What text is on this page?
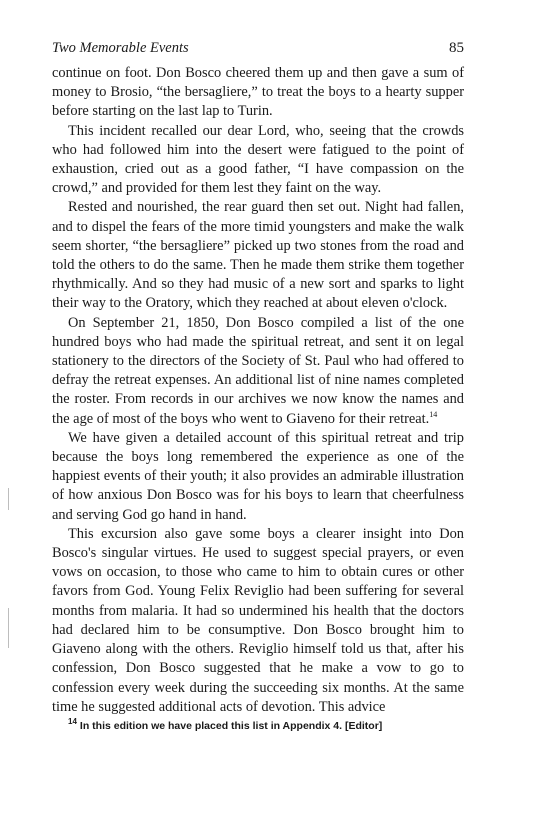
Two Memorable Events	85

continue on foot. Don Bosco cheered them up and then gave a sum of money to Brosio, “the bersagliere,” to treat the boys to a hearty supper before starting on the last lap to Turin.

This incident recalled our dear Lord, who, seeing that the crowds who had followed him into the desert were fatigued to the point of exhaustion, cried out as a good father, “I have compassion on the crowd,” and provided for them lest they faint on the way.

Rested and nourished, the rear guard then set out. Night had fallen, and to dispel the fears of the more timid youngsters and make the walk seem shorter, “the bersagliere” picked up two stones from the road and told the others to do the same. Then he made them strike them together rhythmically. And so they had music of a new sort and sparks to light their way to the Oratory, which they reached at about eleven o'clock.

On September 21, 1850, Don Bosco compiled a list of the one hundred boys who had made the spiritual retreat, and sent it on legal stationery to the directors of the Society of St. Paul who had offered to defray the retreat expenses. An additional list of nine names completed the roster. From records in our archives we now know the names and the age of most of the boys who went to Giaveno for their retreat.$^{14}$

We have given a detailed account of this spiritual retreat and trip because the boys long remembered the experience as one of the happiest events of their youth; it also provides an admirable illustration of how anxious Don Bosco was for his boys to learn that cheerfulness and serving God go hand in hand.

This excursion also gave some boys a clearer insight into Don Bosco's singular virtues. He used to suggest special prayers, or even vows on occasion, to those who came to him to obtain cures or other favors from God. Young Felix Reviglio had been suffering for several months from malaria. It had so undermined his health that the doctors had declared him to be consumptive. Don Bosco brought him to Giaveno along with the others. Reviglio himself told us that, after his confession, Don Bosco suggested that he make a vow to go to confession every week during the succeeding six months. At the same time he suggested additional acts of devotion. This advice

$^{14}$ In this edition we have placed this list in Appendix 4. [Editor]
